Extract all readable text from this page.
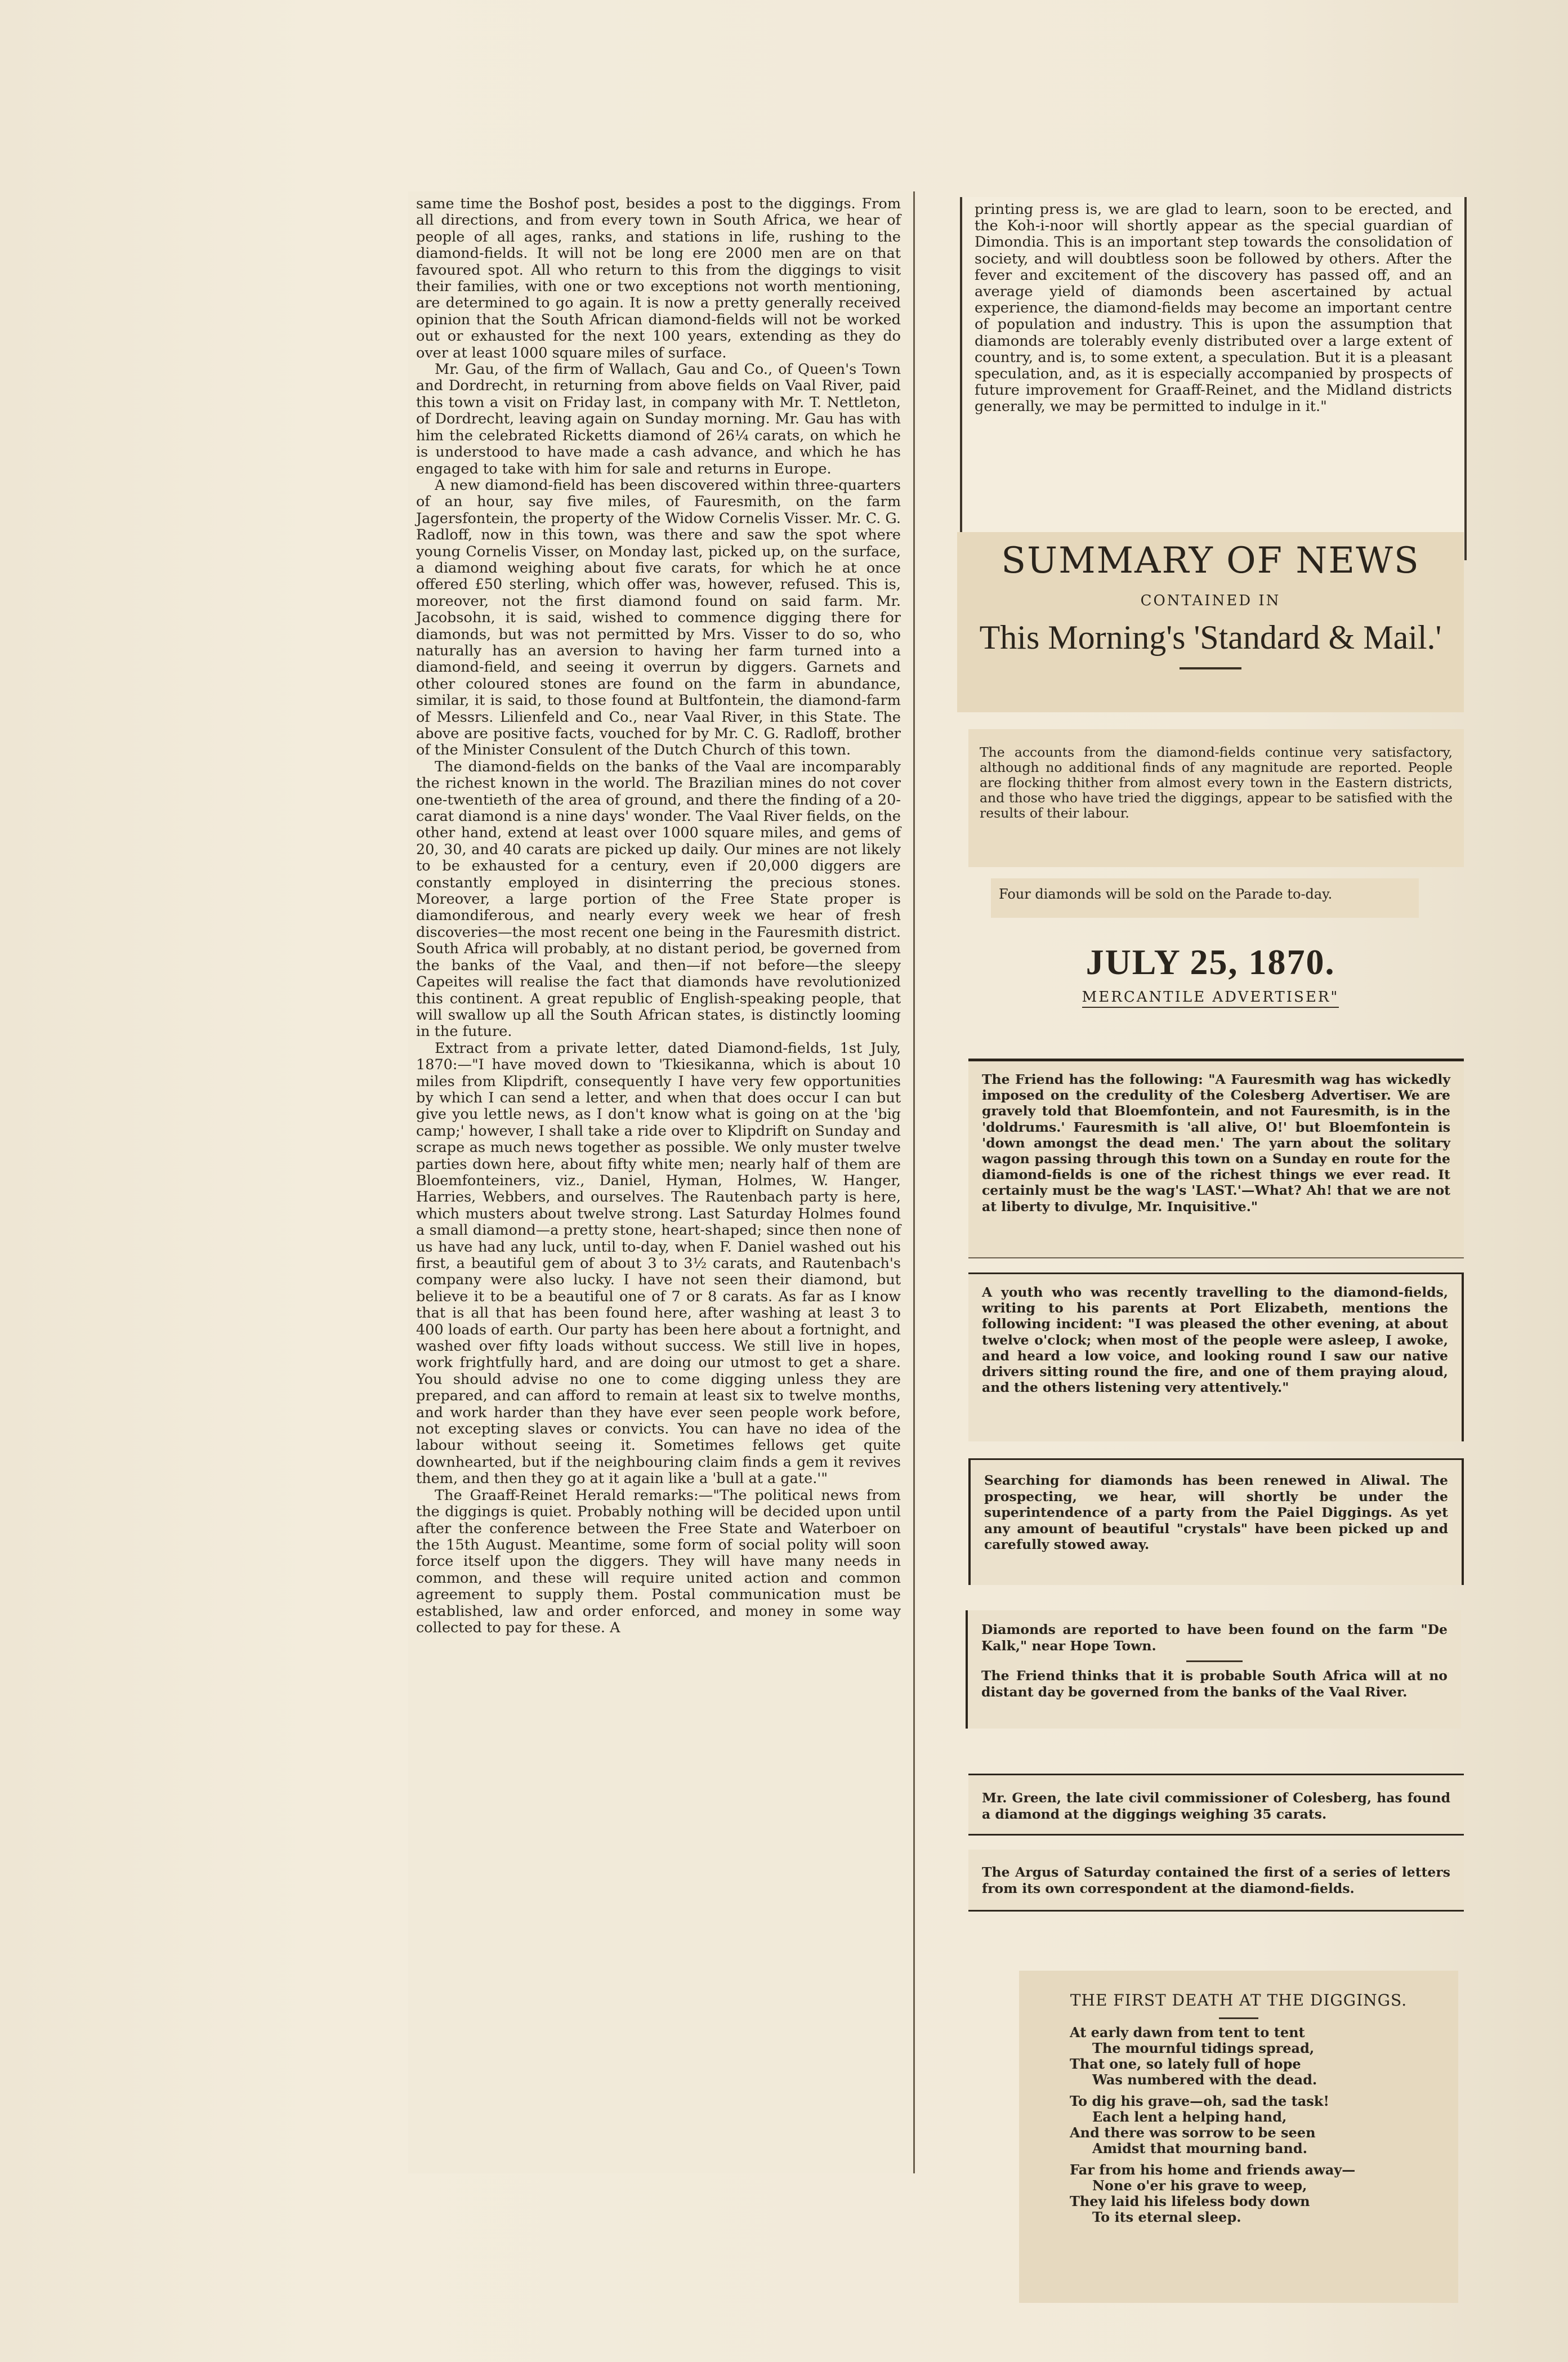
same time the Boshof post, besides a post to the diggings. From all directions, and from every town in South Africa, we hear of people of all ages, ranks, and stations in life, rushing to the diamond-fields. It will not be long ere 2000 men are on that favoured spot. All who return to this from the diggings to visit their families, with one or two exceptions not worth mentioning, are determined to go again. It is now a pretty generally received opinion that the South African diamond-fields will not be worked out or exhausted for the next 100 years, extending as they do over at least 1000 square miles of surface.

Mr. Gau, of the firm of Wallach, Gau and Co., of Queen's Town and Dordrecht, in returning from above fields on Vaal River, paid this town a visit on Friday last, in company with Mr. T. Nettleton, of Dordrecht, leaving again on Sunday morning. Mr. Gau has with him the celebrated Ricketts diamond of 26¼ carats, on which he is understood to have made a cash advance, and which he has engaged to take with him for sale and returns in Europe.

A new diamond-field has been discovered within three-quarters of an hour, say five miles, of Fauresmith, on the farm Jagersfontein, the property of the Widow Cornelis Visser. Mr. C. G. Radloff, now in this town, was there and saw the spot where young Cornelis Visser, on Monday last, picked up, on the surface, a diamond weighing about five carats, for which he at once offered £50 sterling, which offer was, however, refused. This is, moreover, not the first diamond found on said farm. Mr. Jacobsohn, it is said, wished to commence digging there for diamonds, but was not permitted by Mrs. Visser to do so, who naturally has an aversion to having her farm turned into a diamond-field, and seeing it overrun by diggers. Garnets and other coloured stones are found on the farm in abundance, similar, it is said, to those found at Bultfontein, the diamond-farm of Messrs. Lilienfeld and Co., near Vaal River, in this State. The above are positive facts, vouched for by Mr. C. G. Radloff, brother of the Minister Consulent of the Dutch Church of this town.

The diamond-fields on the banks of the Vaal are incomparably the richest known in the world. The Brazilian mines do not cover one-twentieth of the area of ground, and there the finding of a 20-carat diamond is a nine days' wonder. The Vaal River fields, on the other hand, extend at least over 1000 square miles, and gems of 20, 30, and 40 carats are picked up daily. Our mines are not likely to be exhausted for a century, even if 20,000 diggers are constantly employed in disinterring the precious stones. Moreover, a large portion of the Free State proper is diamondiferous, and nearly every week we hear of fresh discoveries—the most recent one being in the Fauresmith district. South Africa will probably, at no distant period, be governed from the banks of the Vaal, and then—if not before—the sleepy Capeites will realise the fact that diamonds have revolutionized this continent. A great republic of English-speaking people, that will swallow up all the South African states, is distinctly looming in the future.

Extract from a private letter, dated Diamond-fields, 1st July, 1870:—"I have moved down to 'Tkiesikanna, which is about 10 miles from Klipdrift, consequently I have very few opportunities by which I can send a letter, and when that does occur I can but give you lettle news, as I don't know what is going on at the 'big camp;' however, I shall take a ride over to Klipdrift on Sunday and scrape as much news together as possible. We only muster twelve parties down here, about fifty white men; nearly half of them are Bloemfonteiners, viz., Daniel, Hyman, Holmes, W. Hanger, Harries, Webbers, and ourselves. The Rautenbach party is here, which musters about twelve strong. Last Saturday Holmes found a small diamond—a pretty stone, heart-shaped; since then none of us have had any luck, until to-day, when F. Daniel washed out his first, a beautiful gem of about 3 to 3½ carats, and Rautenbach's company were also lucky. I have not seen their diamond, but believe it to be a beautiful one of 7 or 8 carats. As far as I know that is all that has been found here, after washing at least 3 to 400 loads of earth. Our party has been here about a fortnight, and washed over fifty loads without success. We still live in hopes, work frightfully hard, and are doing our utmost to get a share. You should advise no one to come digging unless they are prepared, and can afford to remain at least six to twelve months, and work harder than they have ever seen people work before, not excepting slaves or convicts. You can have no idea of the labour without seeing it. Sometimes fellows get quite downhearted, but if the neighbouring claim finds a gem it revives them, and then they go at it again like a 'bull at a gate.'"

The Graaff-Reinet Herald remarks:—"The political news from the diggings is quiet. Probably nothing will be decided upon until after the conference between the Free State and Waterboer on the 15th August. Meantime, some form of social polity will soon force itself upon the diggers. They will have many needs in common, and these will require united action and common agreement to supply them. Postal communication must be established, law and order enforced, and money in some way collected to pay for these. A

printing press is, we are glad to learn, soon to be erected, and the Koh-i-noor will shortly appear as the special guardian of Dimondia. This is an important step towards the consolidation of society, and will doubtless soon be followed by others. After the fever and excitement of the discovery has passed off, and an average yield of diamonds been ascertained by actual experience, the diamond-fields may become an important centre of population and industry. This is upon the assumption that diamonds are tolerably evenly distributed over a large extent of country, and is, to some extent, a speculation. But it is a pleasant speculation, and, as it is especially accompanied by prospects of future improvement for Graaff-Reinet, and the Midland districts generally, we may be permitted to indulge in it."

SUMMARY OF NEWS
CONTAINED IN
This Morning's 'Standard & Mail.'

The accounts from the diamond-fields continue very satisfactory, although no additional finds of any magnitude are reported. People are flocking thither from almost every town in the Eastern districts, and those who have tried the diggings, appear to be satisfied with the results of their labour.

Four diamonds will be sold on the Parade to-day.

JULY 25, 1870.
MERCANTILE ADVERTISER"

The Friend has the following: "A Fauresmith wag has wickedly imposed on the credulity of the Colesberg Advertiser. We are gravely told that Bloemfontein, and not Fauresmith, is in the 'doldrums.' Fauresmith is 'all alive, O!' but Bloemfontein is 'down amongst the dead men.' The yarn about the solitary wagon passing through this town on a Sunday en route for the diamond-fields is one of the richest things we ever read. It certainly must be the wag's 'LAST.'—What? Ah! that we are not at liberty to divulge, Mr. Inquisitive."

A youth who was recently travelling to the diamond-fields, writing to his parents at Port Elizabeth, mentions the following incident: "I was pleased the other evening, at about twelve o'clock; when most of the people were asleep, I awoke, and heard a low voice, and looking round I saw our native drivers sitting round the fire, and one of them praying aloud, and the others listening very attentively."

Searching for diamonds has been renewed in Aliwal. The prospecting, we hear, will shortly be under the superintendence of a party from the Paiel Diggings. As yet any amount of beautiful "crystals" have been picked up and carefully stowed away.

Diamonds are reported to have been found on the farm "De Kalk," near Hope Town.

The Friend thinks that it is probable South Africa will at no distant day be governed from the banks of the Vaal River.

Mr. Green, the late civil commissioner of Colesberg, has found a diamond at the diggings weighing 35 carats.

The Argus of Saturday contained the first of a series of letters from its own correspondent at the diamond-fields.

THE FIRST DEATH AT THE DIGGINGS.
At early dawn from tent to tent
The mournful tidings spread,
That one, so lately full of hope
Was numbered with the dead.
To dig his grave—oh, sad the task!
Each lent a helping hand,
And there was sorrow to be seen
Amidst that mourning band.
Far from his home and friends away—
None o'er his grave to weep,
They laid his lifeless body down
To its eternal sleep.
